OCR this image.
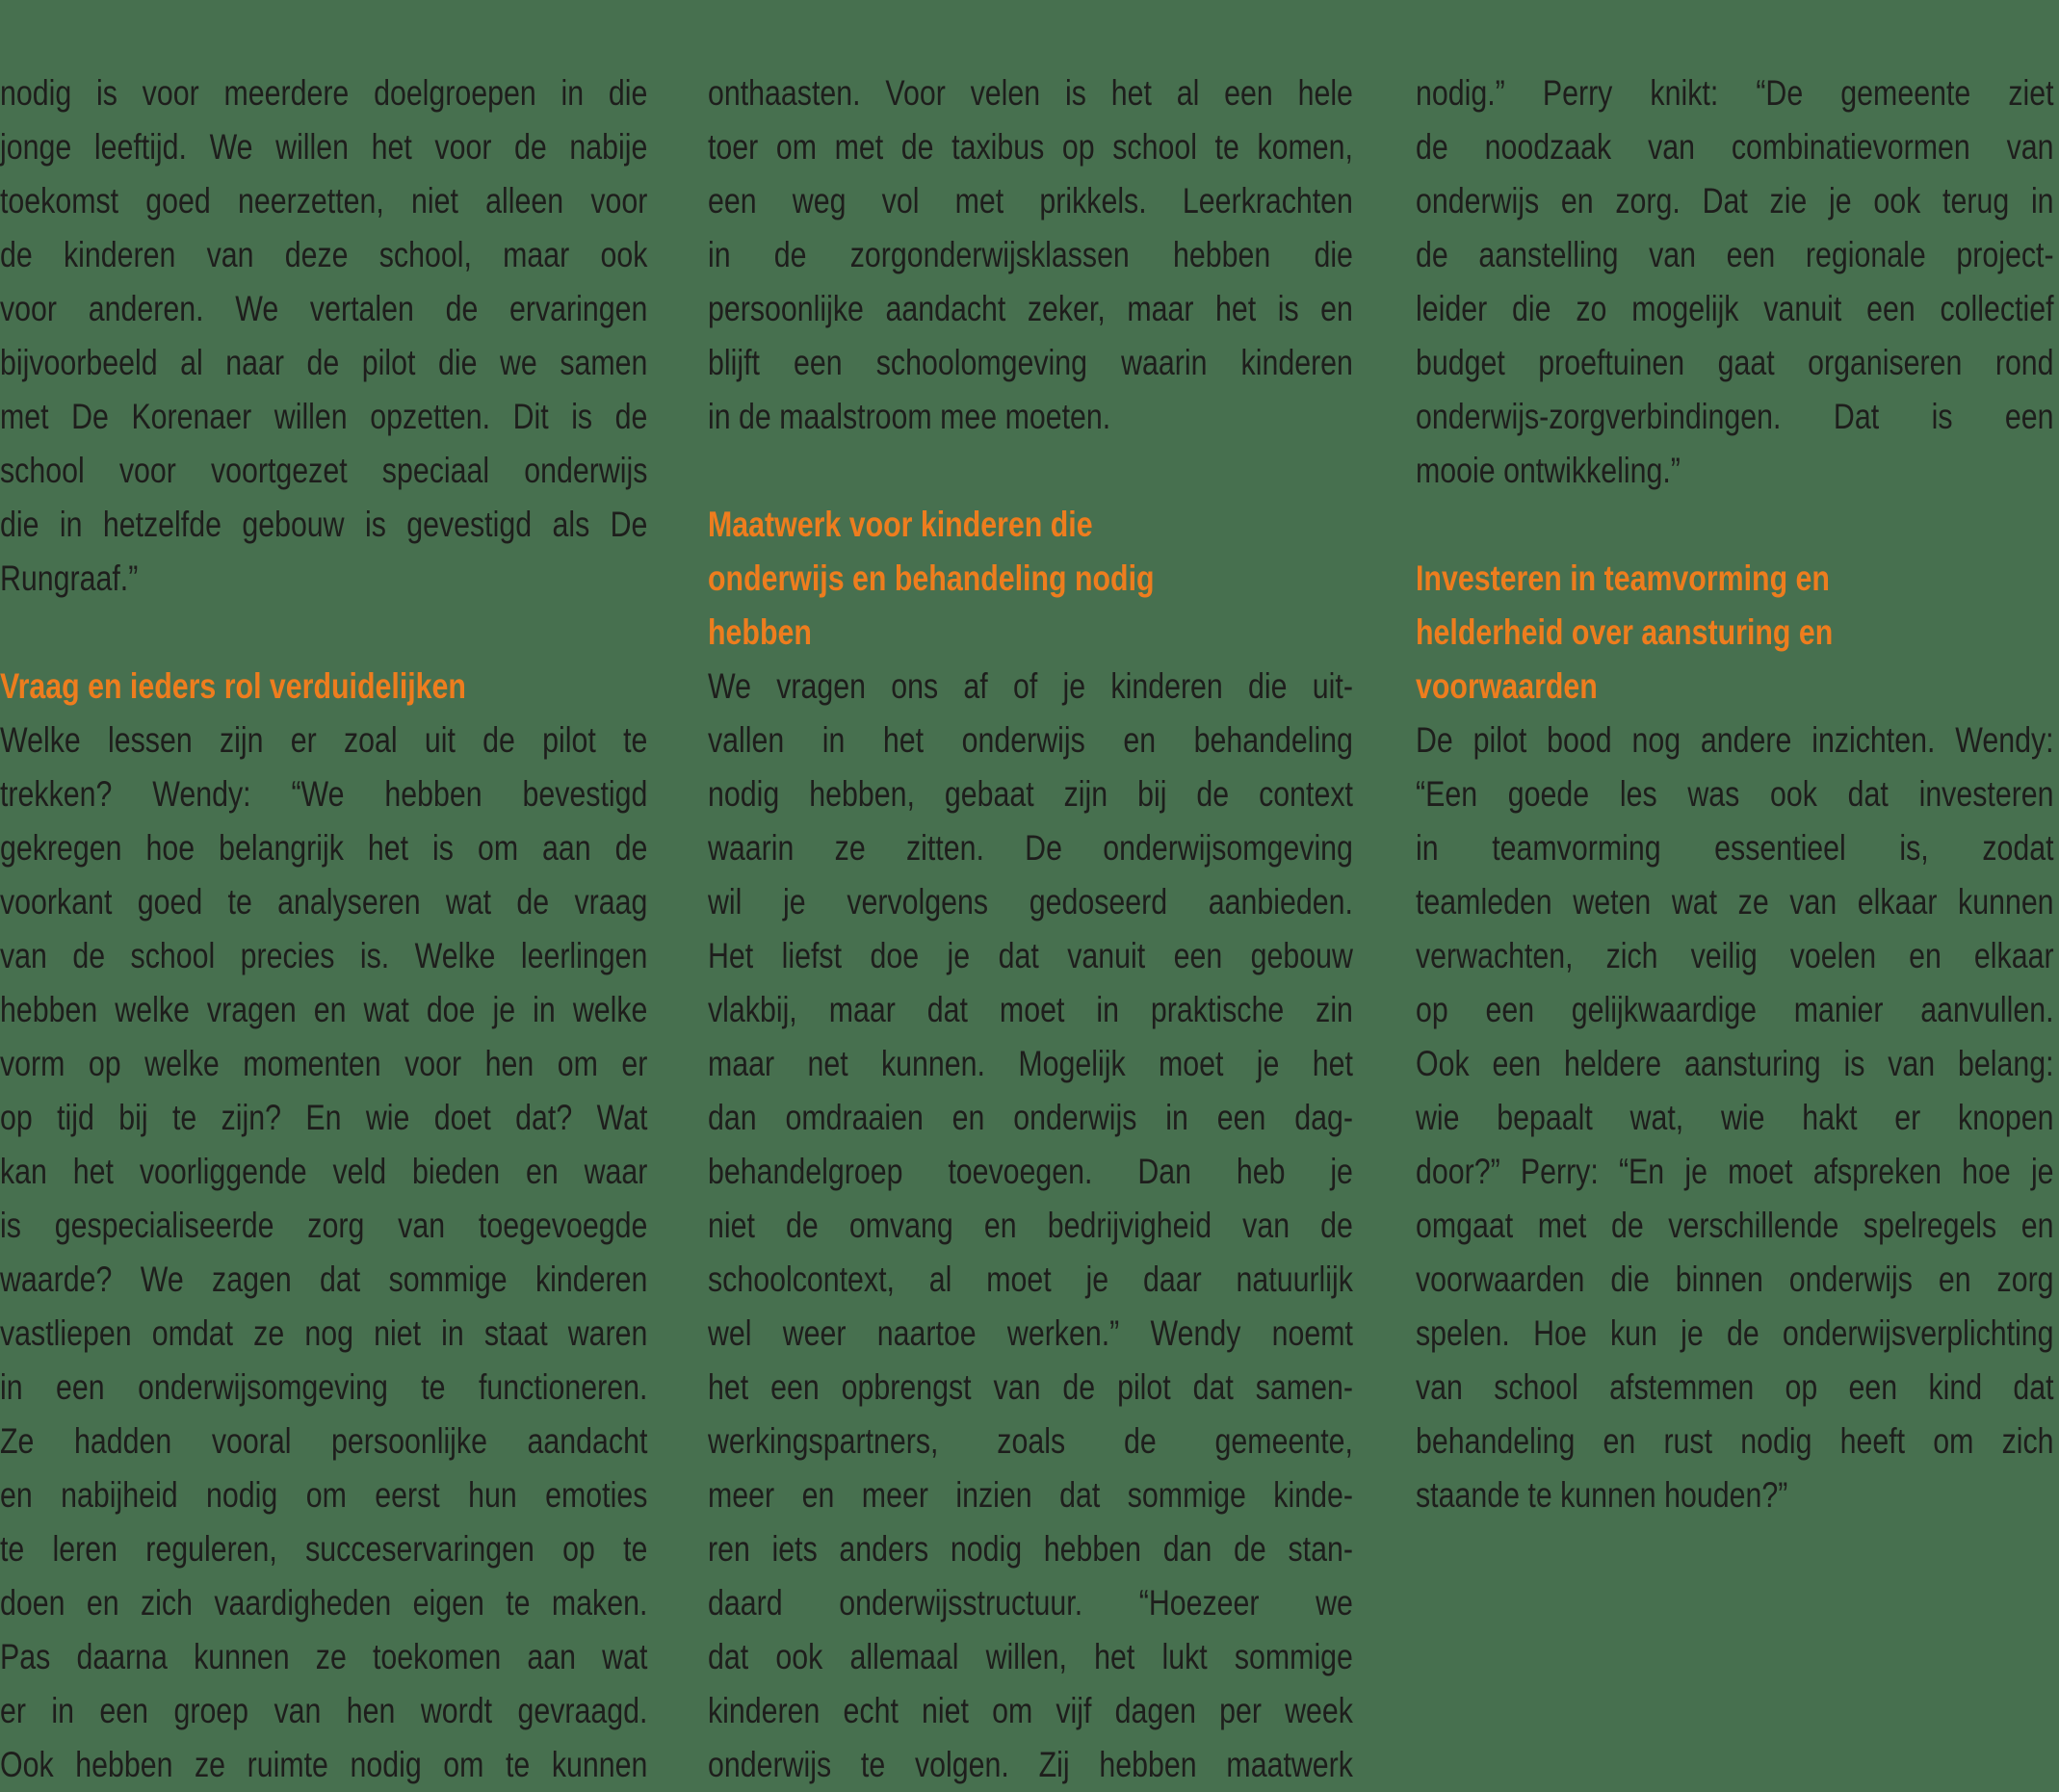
nodig is voor meerdere doelgroepen in die
jonge leeftijd. We willen het voor de nabije
toekomst goed neerzetten, niet alleen voor
de kinderen van deze school, maar ook
voor anderen. We vertalen de ervaringen
bijvoorbeeld al naar de pilot die we samen
met De Korenaer willen opzetten. Dit is de
school voor voortgezet speciaal onderwijs
die in hetzelfde gebouw is gevestigd als De
Rungraaf.”
Vraag en ieders rol verduidelijken
Welke lessen zijn er zoal uit de pilot te
trekken? Wendy: “We hebben bevestigd
gekregen hoe belangrijk het is om aan de
voorkant goed te analyseren wat de vraag
van de school precies is. Welke leerlingen
hebben welke vragen en wat doe je in welke
vorm op welke momenten voor hen om er
op tijd bij te zijn? En wie doet dat? Wat
kan het voorliggende veld bieden en waar
is gespecialiseerde zorg van toegevoegde
waarde? We zagen dat sommige kinderen
vastliepen omdat ze nog niet in staat waren
in een onderwijsomgeving te functioneren.
Ze hadden vooral persoonlijke aandacht
en nabijheid nodig om eerst hun emoties
te leren reguleren, succeservaringen op te
doen en zich vaardigheden eigen te maken.
Pas daarna kunnen ze toekomen aan wat
er in een groep van hen wordt gevraagd.
Ook hebben ze ruimte nodig om te kunnen
onthaasten. Voor velen is het al een hele
toer om met de taxibus op school te komen,
een weg vol met prikkels. Leerkrachten
in de zorgonderwijsklassen hebben die
persoonlijke aandacht zeker, maar het is en
blijft een schoolomgeving waarin kinderen
in de maalstroom mee moeten.
Maatwerk voor kinderen die
onderwijs en behandeling nodig
hebben
We vragen ons af of je kinderen die uit-
vallen in het onderwijs en behandeling
nodig hebben, gebaat zijn bij de context
waarin ze zitten. De onderwijsomgeving
wil je vervolgens gedoseerd aanbieden.
Het liefst doe je dat vanuit een gebouw
vlakbij, maar dat moet in praktische zin
maar net kunnen. Mogelijk moet je het
dan omdraaien en onderwijs in een dag-
behandelgroep toevoegen. Dan heb je
niet de omvang en bedrijvigheid van de
schoolcontext, al moet je daar natuurlijk
wel weer naartoe werken.” Wendy noemt
het een opbrengst van de pilot dat samen-
werkingspartners, zoals de gemeente,
meer en meer inzien dat sommige kinde-
ren iets anders nodig hebben dan de stan-
daard onderwijsstructuur. “Hoezeer we
dat ook allemaal willen, het lukt sommige
kinderen echt niet om vijf dagen per week
onderwijs te volgen. Zij hebben maatwerk
nodig.” Perry knikt: “De gemeente ziet
de noodzaak van combinatievormen van
onderwijs en zorg. Dat zie je ook terug in
de aanstelling van een regionale project-
leider die zo mogelijk vanuit een collectief
budget proeftuinen gaat organiseren rond
onderwijs-zorgverbindingen. Dat is een
mooie ontwikkeling.”
Investeren in teamvorming en
helderheid over aansturing en
voorwaarden
De pilot bood nog andere inzichten. Wendy:
“Een goede les was ook dat investeren
in teamvorming essentieel is, zodat
teamleden weten wat ze van elkaar kunnen
verwachten, zich veilig voelen en elkaar
op een gelijkwaardige manier aanvullen.
Ook een heldere aansturing is van belang:
wie bepaalt wat, wie hakt er knopen
door?” Perry: “En je moet afspreken hoe je
omgaat met de verschillende spelregels en
voorwaarden die binnen onderwijs en zorg
spelen. Hoe kun je de onderwijsverplichting
van school afstemmen op een kind dat
behandeling en rust nodig heeft om zich
staande te kunnen houden?”
